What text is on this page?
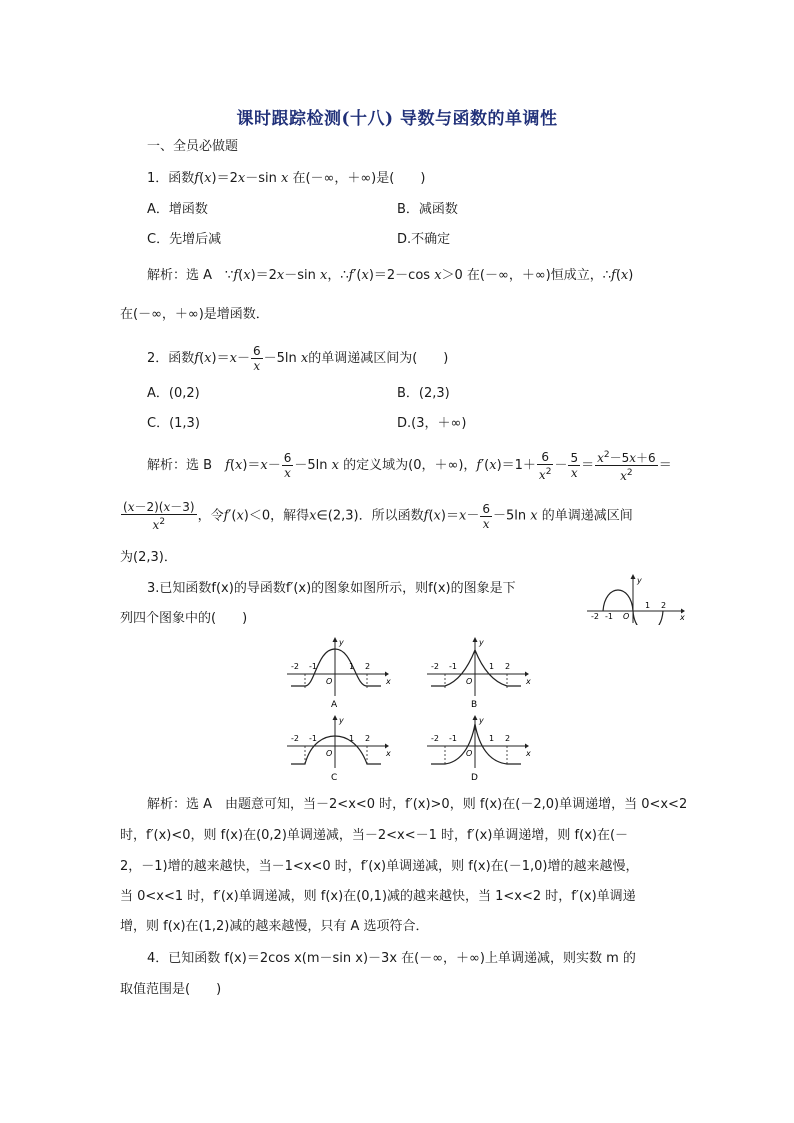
课时跟踪检测(十八) 导数与函数的单调性
一、全员必做题
1．函数f(x)＝2x－sin x 在(－∞，＋∞)是(　　)
A．增函数	B．减函数
C．先增后减	D.不确定
解析：选 A　 ∵f(x)＝2x－sin x，∴f′(x)＝2－cos x＞0 在(－∞，＋∞)恒成立，∴f(x)
在(－∞，＋∞)是增函数．
2．函数$f(x)=x- \frac{6}{x} -5\ln$ x的单调递减区间为(　　)
A．(0,2)	B．(2,3)
C．(1,3)	D.(3，＋∞)
解析：选 B　 $f(x)=x- \frac{6}{x} -5\ln$ x 的定义域为(0，＋∞)，$f'(x)=1+ \frac{6}{x^2} - \frac{5}{x} = \frac{x^2-5x+6}{x^2}$ ＝
$\frac{(x-2)(x-3)}{x^2}$ ，令f′(x)＜0，解得x∈(2,3)．所以函数$f(x)=x- \frac{6}{x} -5\ln$ x 的单调递减区间
为(2,3)．
3.已知函数f(x)的导函数f′(x)的图象如图所示，则f(x)的图象是下
列四个图象中的(　　)
y
x
-2 -1 O
1 2
y
x
-2 -1
O
1 2
A
y
x
-2 -1
O
1 2
B
y
x
-2 -1
O
1 2
C
y
x
-2 -1
O
1 2
D
解析：选 A　由题意可知，当－2<x<0 时，f′(x)>0，则 f(x)在(－2,0)单调递增，当 0<x<2
时，f′(x)<0，则 f(x)在(0,2)单调递减，当－2<x<－1 时，f′(x)单调递增，则 f(x)在(－
2，－1)增的越来越快，当－1<x<0 时，f′(x)单调递减，则 f(x)在(－1,0)增的越来越慢，
当 0<x<1 时，f′(x)单调递减，则 f(x)在(0,1)减的越来越快，当 1<x<2 时，f′(x)单调递
增，则 f(x)在(1,2)减的越来越慢，只有 A 选项符合．
4．已知函数 f(x)＝2cos x(m－sin x)－3x 在(－∞，＋∞)上单调递减，则实数 m 的
取值范围是(　　)
